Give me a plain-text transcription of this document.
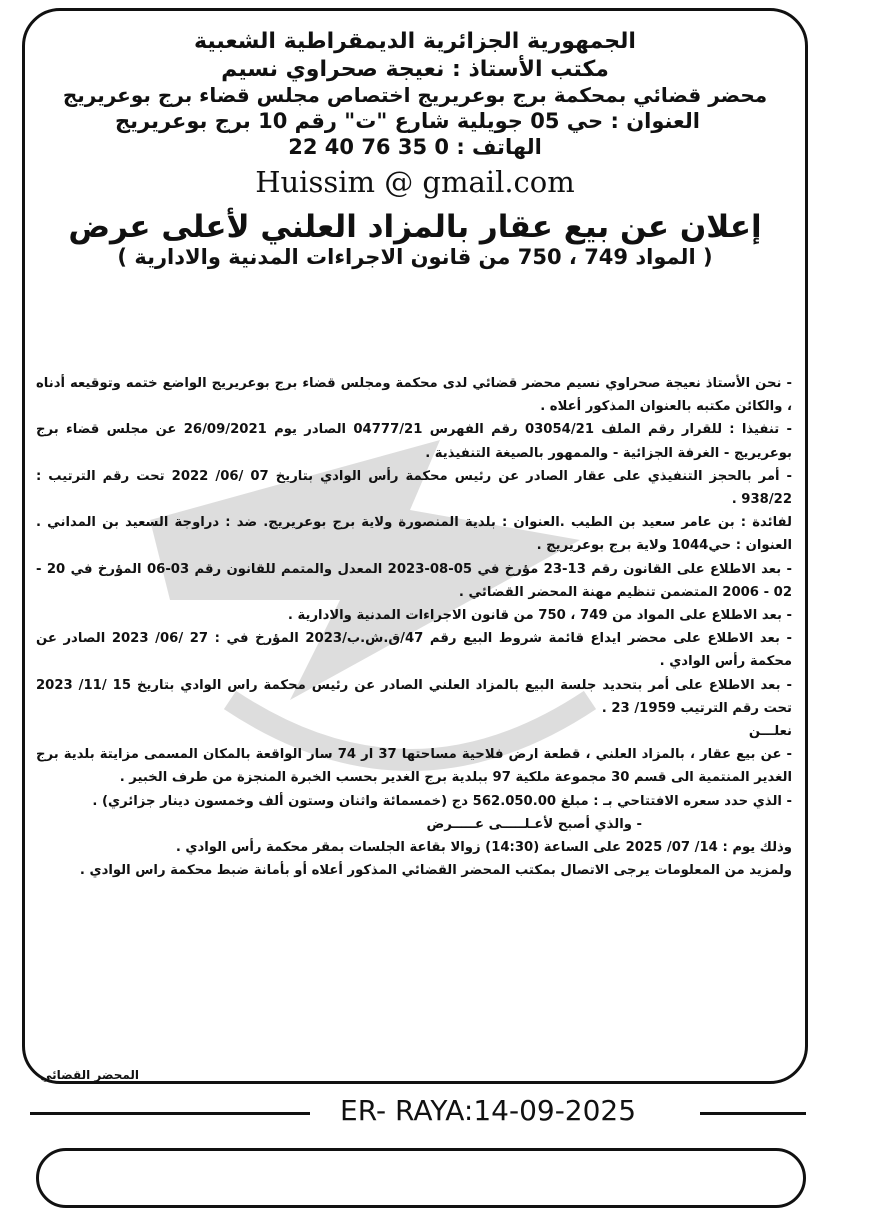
الجمهورية الجزائرية الديمقراطية الشعبية

مكتب الأستاذ : نعيجة صحراوي نسيم

محضر قضائي بمحكمة برج بوعريريج اختصاص مجلس قضاء برج بوعريريج

العنوان : حي 05 جويلية شارع "ت" رقم 10 برج بوعريريج

الهاتف : 0 35 76 40 22

Huissim @ gmail.com

إعلان عن بيع عقار بالمزاد العلني لأعلى عرض

( المواد 749 ، 750 من قانون الاجراءات المدنية والادارية )

- نحن الأستاذ نعيجة صحراوي نسيم محضر قضائي لدى محكمة ومجلس قضاء برج بوعريريج الواضع ختمه وتوقيعه أدناه ، والكائن مكتبه بالعنوان المذكور أعلاه .

- تنفيذا : للقرار رقم الملف 03054/21 رقم الفهرس 04777/21 الصادر يوم 26/09/2021 عن مجلس قضاء برج بوعريريج - الغرفة الجزائية - والممهور بالصيغة التنفيذية .

- أمر بالحجز التنفيذي على عقار الصادر عن رئيس محكمة رأس الوادي بتاريخ 07 /06/ 2022 تحت رقم الترتيب : 938/22 .

لفائدة : بن عامر سعيد بن الطيب .العنوان : بلدية المنصورة ولاية برج بوعريريج. ضد : دراوجة السعيد بن المداني . العنوان : حي1044 ولاية برج بوعريريج .

- بعد الاطلاع على القانون رقم 13-23 مؤرخ في 05-08-2023 المعدل والمتمم للقانون رقم 03-06 المؤرخ في 20 - 02 - 2006 المتضمن تنظيم مهنة المحضر القضائي .

- بعد الاطلاع على المواد من 749 ، 750 من قانون الاجراءات المدنية والادارية .

- بعد الاطلاع على محضر ايداع قائمة شروط البيع رقم 47/ق.ش.ب/2023 المؤرخ في : 27 /06/ 2023 الصادر عن محكمة رأس الوادي .

- بعد الاطلاع على أمر بتحديد جلسة البيع بالمزاد العلني الصادر عن رئيس محكمة راس الوادي بتاريخ 15 /11/ 2023 تحت رقم الترتيب 1959/ 23 .

نعلـــن

- عن بيع عقار ، بالمزاد العلني ، قطعة ارض فلاحية مساحتها 37 ار 74 سار الواقعة بالمكان المسمى مزايتة بلدية برج الغدير المنتمية الى قسم 30 مجموعة ملكية 97 ببلدية برج الغدير بحسب الخبرة المنجزة من طرف الخبير .

- الذي حدد سعره الافتتاحي بـ : مبلغ 562.050.00 دج (خمسمائة واثنان وستون ألف وخمسون دينار جزائري) .

- والذي أصبح لأعـلـــــى عـــــرض

وذلك يوم : 14/ 07/ 2025 على الساعة (14:30) زوالا بقاعة الجلسات بمقر محكمة رأس الوادي .

ولمزيد من المعلومات يرجى الاتصال بمكتب المحضر القضائي المذكور أعلاه أو بأمانة ضبط محكمة راس الوادي .

المحضر القضائي
ER- RAYA:14-09-2025
